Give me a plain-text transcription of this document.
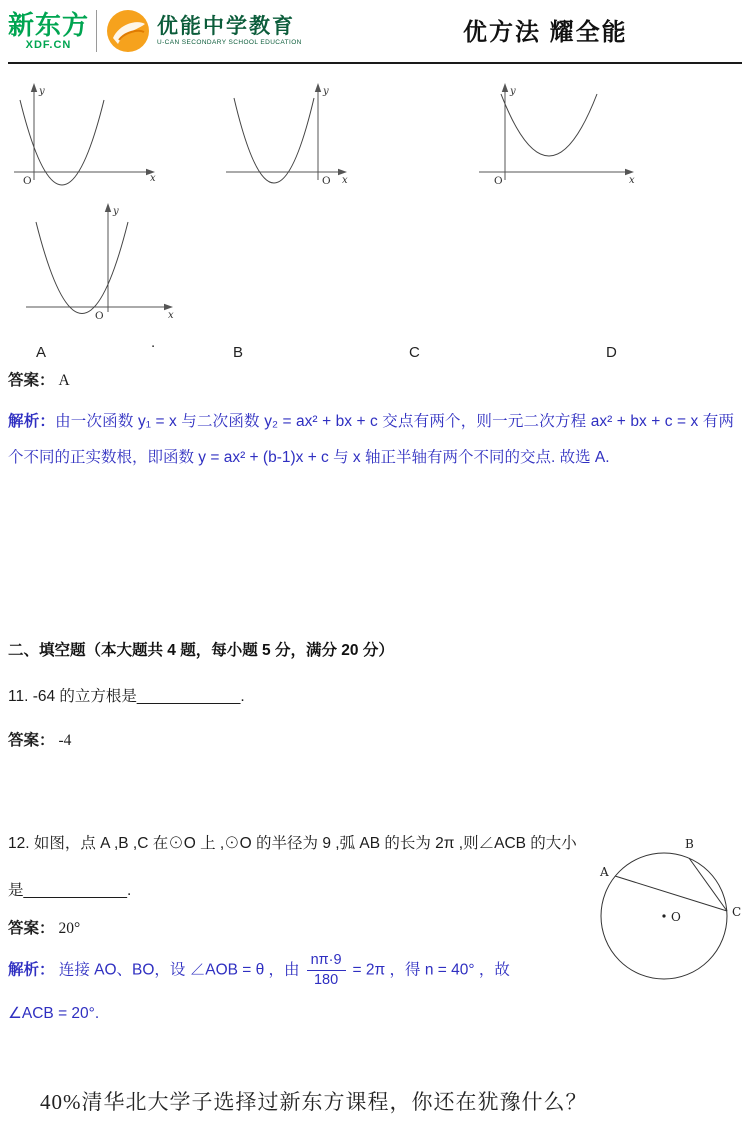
新东方
XDF.CN
优能中学教育
U-CAN SECONDARY SCHOOL EDUCATION	优方法 耀全能
y
x
O
y
x
O
y
x
O
y
x
O
.
A	B	C	D
答案： A
解析：由一次函数 y₁ = x 与二次函数 y₂ = ax² + bx + c 交点有两个，则一元二次方程 ax² + bx + c = x 有两个不同的正实数根，即函数 y = ax² + (b-1)x + c 与 x 轴正半轴有两个不同的交点. 故选 A.
二、填空题（本大题共 4 题，每小题 5 分，满分 20 分）
11. -64 的立方根是____________.
答案： -4
12. 如图，点 A ,B ,C 在⊙O 上 ,⊙O 的半径为 9 ,弧 AB 的长为 2π ,则∠ACB 的大小是____________.
A
B
C
O
答案： 20°
解析： 连接 AO、BO，设 ∠AOB = θ ，由 $\frac{n\pi\cdot 9}{180} = 2\pi$ ，得 n = 40° ，故
∠ACB = 20°.
40%清华北大学子选择过新东方课程，你还在犹豫什么？
